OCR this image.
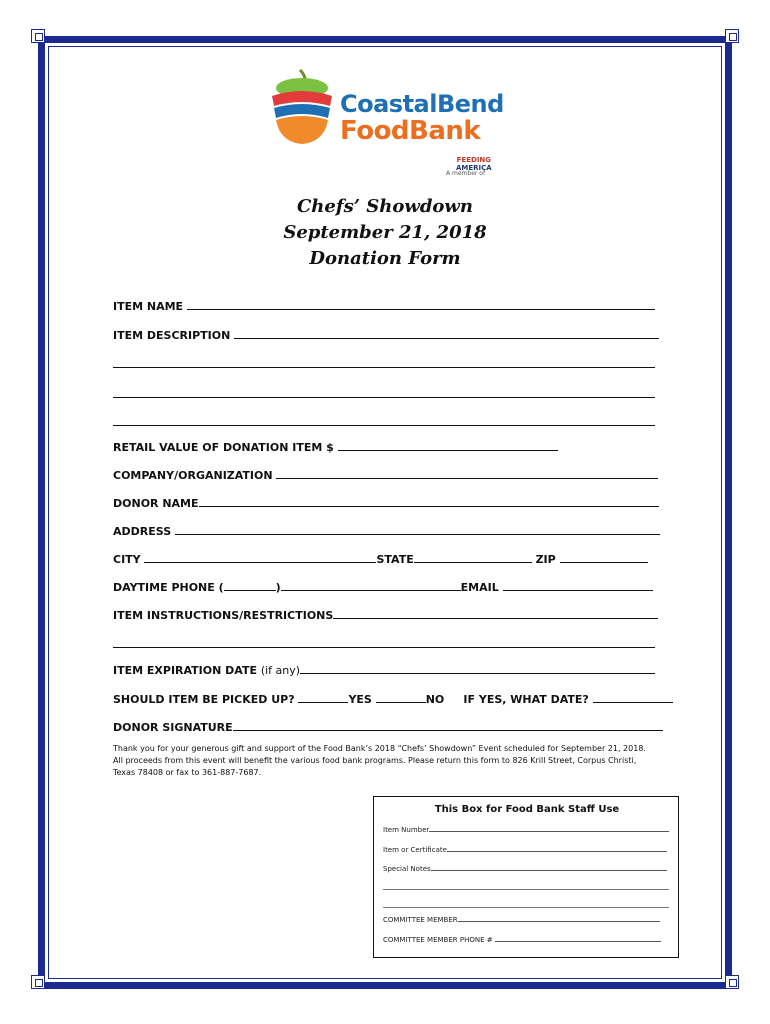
CoastalBend
FoodBank
A member of
FEEDING
AMERICA
Chefs’ Showdown
September 21, 2018
Donation Form
ITEM NAME
ITEM DESCRIPTION
RETAIL VALUE OF DONATION ITEM $
COMPANY/ORGANIZATION
DONOR NAME
ADDRESS
CITY	STATE	ZIP
DAYTIME PHONE (	)	EMAIL
ITEM INSTRUCTIONS/RESTRICTIONS
ITEM EXPIRATION DATE (if any)
SHOULD ITEM BE PICKED UP?	YES	NO IF YES, WHAT DATE?
DONOR SIGNATURE
Thank you for your generous gift and support of the Food Bank’s 2018 “Chefs’ Showdown” Event scheduled for September 21, 2018. All proceeds from this event will benefit the various food bank programs. Please return this form to 826 Krill Street, Corpus Christi, Texas 78408 or fax to 361-887-7687.
This Box for Food Bank Staff Use
Item Number
Item or Certificate
Special Notes
COMMITTEE MEMBER
COMMITTEE MEMBER PHONE #
